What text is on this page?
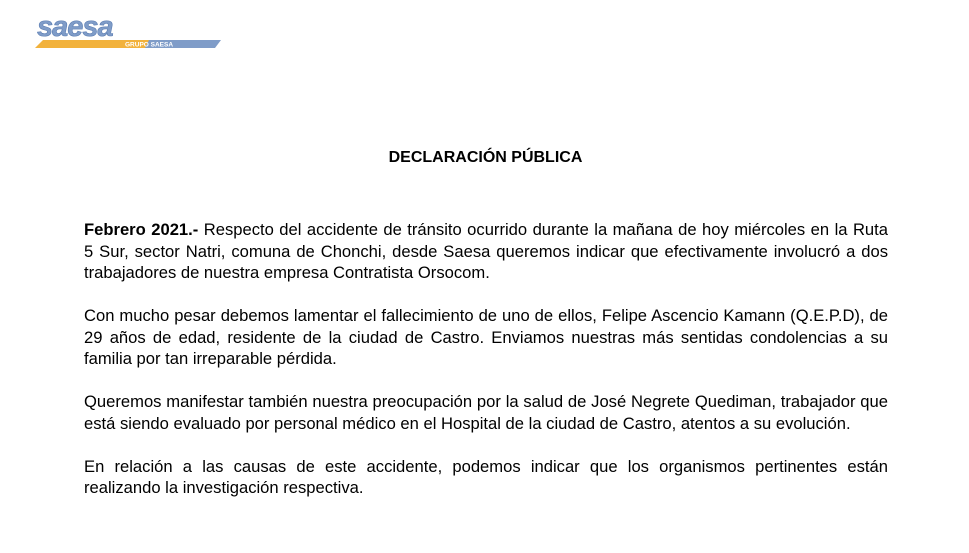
saesa
GRUPO SAESA
DECLARACIÓN PÚBLICA

Febrero 2021.- Respecto del accidente de tránsito ocurrido durante la mañana de hoy miércoles en la Ruta 5 Sur, sector Natri, comuna de Chonchi, desde Saesa queremos indicar que efectivamente involucró a dos trabajadores de nuestra empresa Contratista Orsocom.

Con mucho pesar debemos lamentar el fallecimiento de uno de ellos, Felipe Ascencio Kamann (Q.E.P.D), de 29 años de edad, residente de la ciudad de Castro. Enviamos nuestras más sentidas condolencias a su familia por tan irreparable pérdida.

Queremos manifestar también nuestra preocupación por la salud de José Negrete Quediman, trabajador que está siendo evaluado por personal médico en el Hospital de la ciudad de Castro, atentos a su evolución.

En relación a las causas de este accidente, podemos indicar que los organismos pertinentes están realizando la investigación respectiva.
